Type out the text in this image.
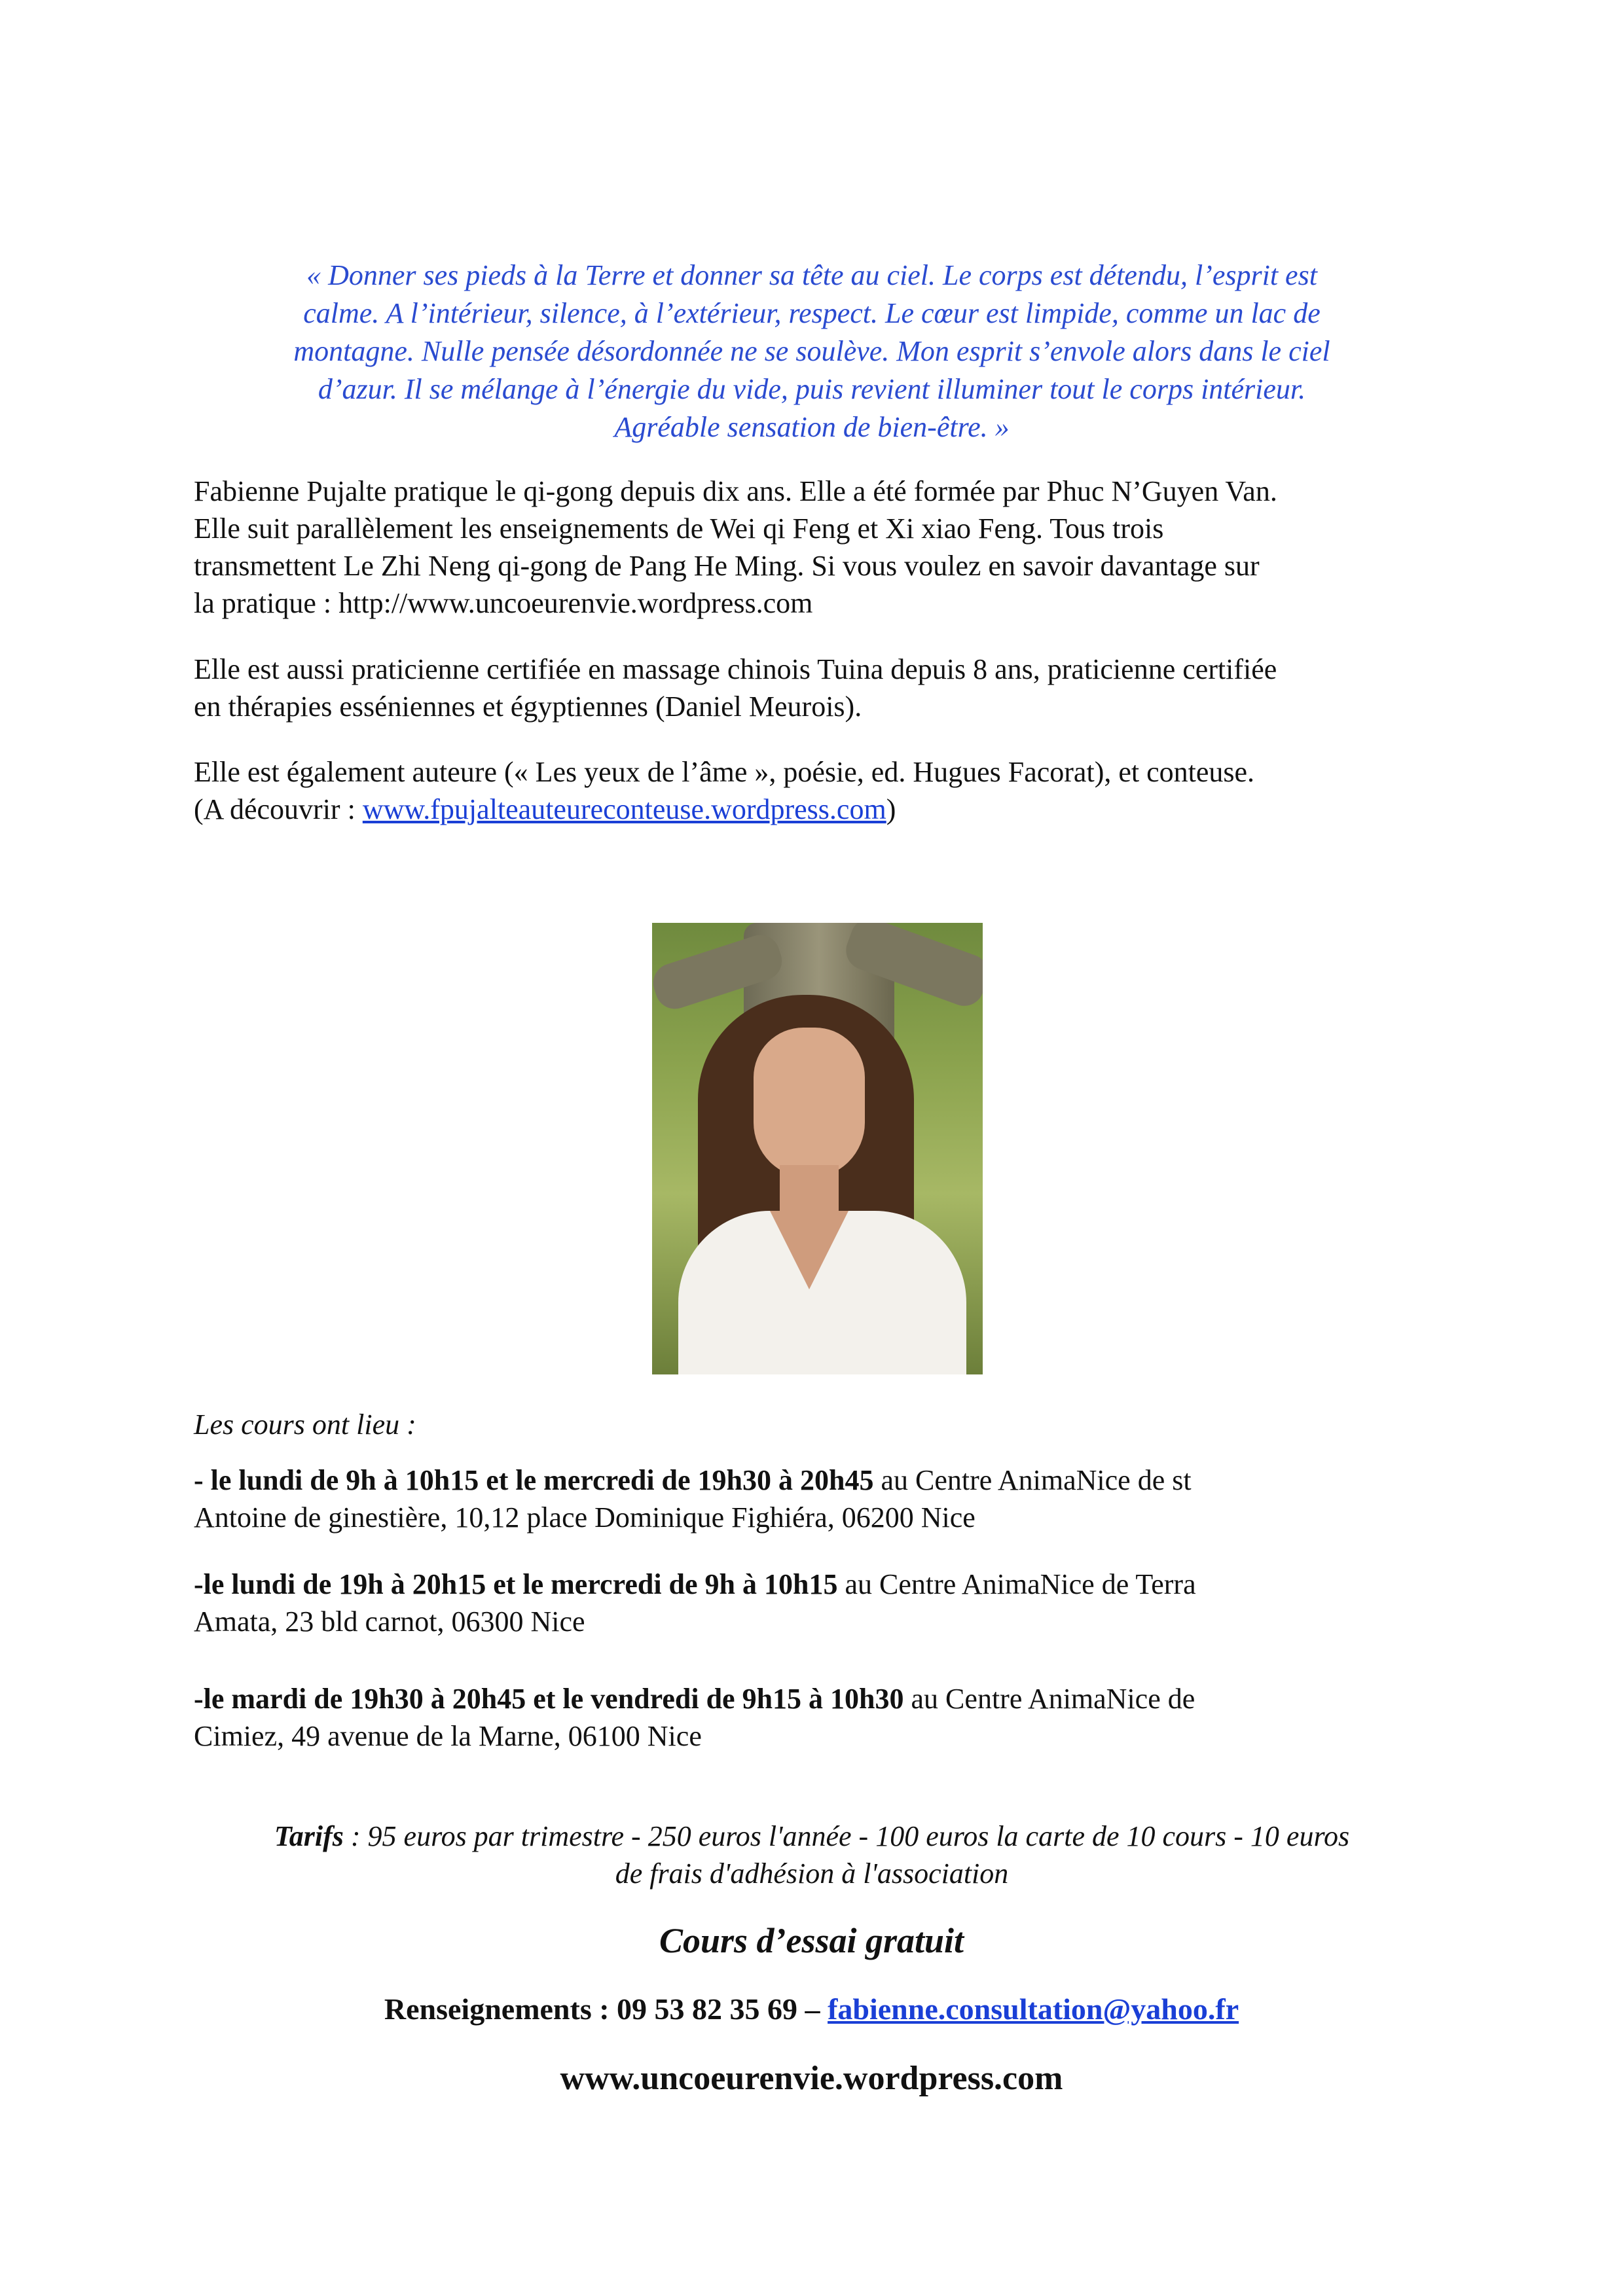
« Donner ses pieds à la Terre et donner sa tête au ciel. Le corps est détendu, l’esprit est
calme. A l’intérieur, silence, à l’extérieur, respect. Le cœur est limpide, comme un lac de
montagne. Nulle pensée désordonnée ne se soulève. Mon esprit s’envole alors dans le ciel
d’azur. Il se mélange à l’énergie du vide, puis revient illuminer tout le corps intérieur.
Agréable sensation de bien-être. »
Fabienne Pujalte pratique le qi-gong depuis dix ans. Elle a été formée par Phuc N’Guyen Van.
Elle suit parallèlement les enseignements de Wei qi Feng et Xi xiao Feng. Tous trois
transmettent Le Zhi Neng qi-gong de Pang He Ming. Si vous voulez en savoir davantage sur
la pratique : http://www.uncoeurenvie.wordpress.com
Elle est aussi praticienne certifiée en massage chinois Tuina depuis 8 ans, praticienne certifiée
en thérapies esséniennes et égyptiennes (Daniel Meurois).
Elle est également auteure (« Les yeux de l’âme », poésie, ed. Hugues Facorat), et conteuse.
(A découvrir : www.fpujalteauteureconteuse.wordpress.com)
Les cours ont lieu :
- le lundi de 9h à 10h15 et le mercredi de 19h30 à 20h45 au Centre AnimaNice de st
Antoine de ginestière, 10,12 place Dominique Fighiéra, 06200 Nice
-le lundi de 19h à 20h15 et le mercredi de 9h à 10h15 au Centre AnimaNice de Terra
Amata, 23 bld carnot, 06300 Nice
-le mardi de 19h30 à 20h45 et le vendredi de 9h15 à 10h30 au Centre AnimaNice de
Cimiez, 49 avenue de la Marne, 06100 Nice
Tarifs : 95 euros par trimestre - 250 euros l'année - 100 euros la carte de 10 cours - 10 euros
de frais d'adhésion à l'association
Cours d’essai gratuit
Renseignements : 09 53 82 35 69 – fabienne.consultation@yahoo.fr
www.uncoeurenvie.wordpress.com
